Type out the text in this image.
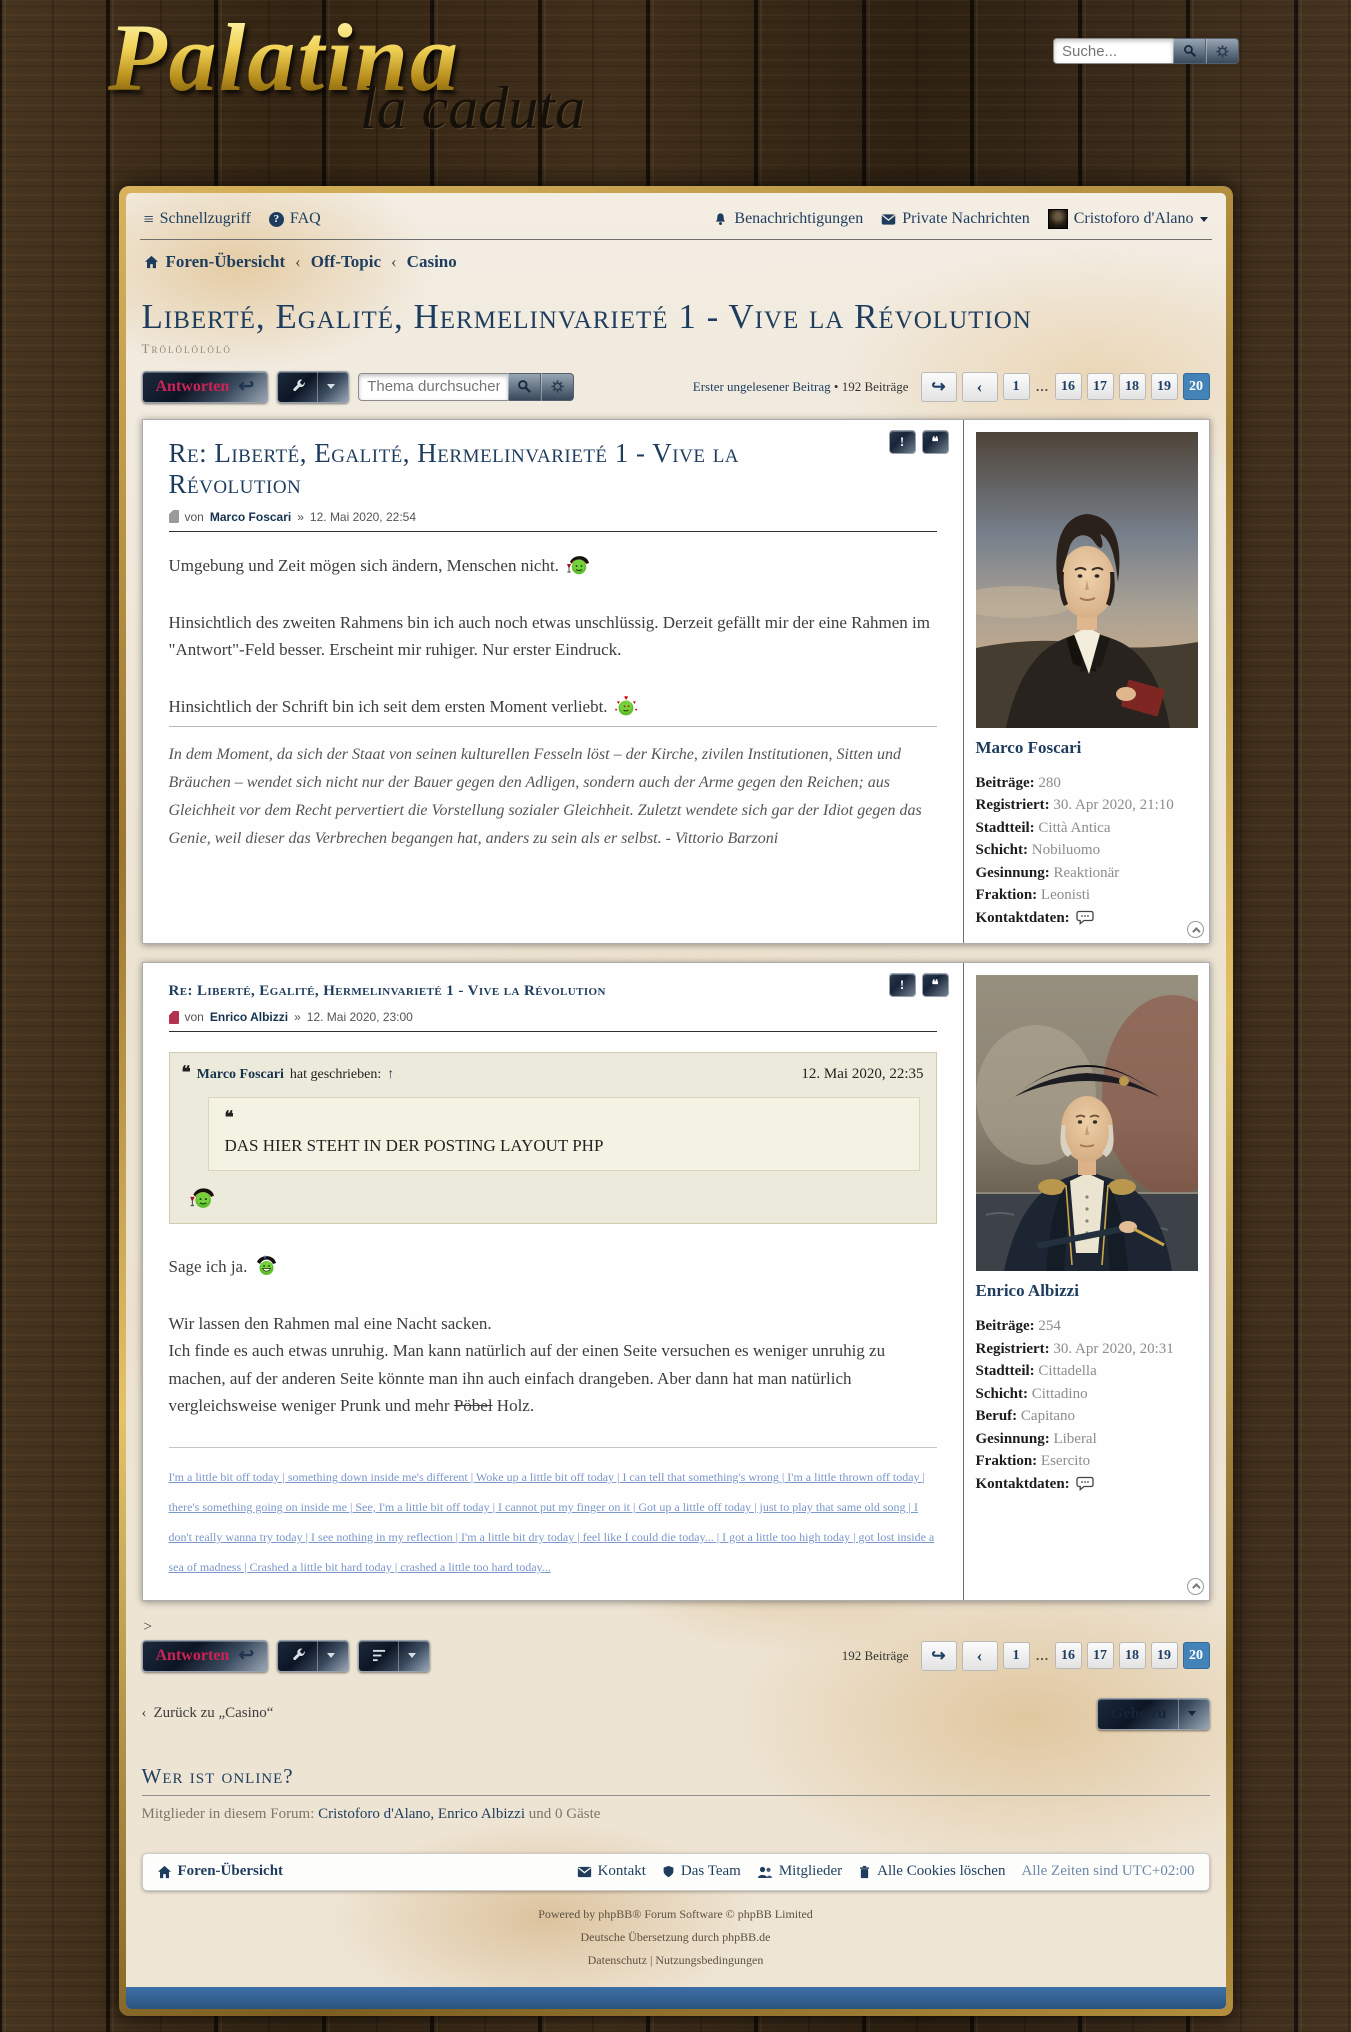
Palatina
la caduta
Suche...
≡ Schnellzugriff	? FAQ	Benachrichtigungen Private Nachrichten	Cristoforo d'Alano
Foren-Übersicht ‹ Off-Topic ‹ Casino
Liberté, Egalité, Hermelinvarieté 1 - Vive la Révolution
Trölölölölö
Antworten ↩
Thema durchsuchen...	Erster ungelesener Beitrag • 192 Beiträge	↪	‹	1	… 16	17	18	19	20
!	❝
Re: Liberté, Egalité, Hermelinvarieté 1 - Vive la Révolution
von Marco Foscari » 12. Mai 2020, 22:54

Umgebung und Zeit mögen sich ändern, Menschen nicht.

Hinsichtlich des zweiten Rahmens bin ich auch noch etwas unschlüssig. Derzeit gefällt mir der eine Rahmen im "Antwort"-Feld besser. Erscheint mir ruhiger. Nur erster Eindruck.

Hinsichtlich der Schrift bin ich seit dem ersten Moment verliebt. ♥
♥	♥
♥	♥

In dem Moment, da sich der Staat von seinen kulturellen Fesseln löst – der Kirche, zivilen Institutionen, Sitten und Bräuchen – wendet sich nicht nur der Bauer gegen den Adligen, sondern auch der Arme gegen den Reichen; aus Gleichheit vor dem Recht pervertiert die Vorstellung sozialer Gleichheit. Zuletzt wendete sich gar der Idiot gegen das Genie, weil dieser das Verbrechen begangen hat, anders zu sein als er selbst. - Vittorio Barzoni
Marco Foscari
Beiträge: 280
Registriert: 30. Apr 2020, 21:10
Stadtteil: Città Antica
Schicht: Nobiluomo
Gesinnung: Reaktionär
Fraktion: Leonisti
Kontaktdaten:
!	❝
Re: Liberté, Egalité, Hermelinvarieté 1 - Vive la Révolution
von Enrico Albizzi » 12. Mai 2020, 23:00
❝ Marco Foscari hat geschrieben: ↑	12. Mai 2020, 22:35
❝
DAS HIER STEHT IN DER POSTING LAYOUT PHP

Sage ich ja.

Wir lassen den Rahmen mal eine Nacht sacken.
Ich finde es auch etwas unruhig. Man kann natürlich auf der einen Seite versuchen es weniger unruhig zu machen, auf der anderen Seite könnte man ihn auch einfach drangeben. Aber dann hat man natürlich vergleichsweise weniger Prunk und mehr Pöbel Holz.

I'm a little bit off today | something down inside me's different | Woke up a little bit off today | I can tell that something's wrong | I'm a little thrown off today | there's something going on inside me | See, I'm a little bit off today | I cannot put my finger on it | Got up a little off today | just to play that same old song | I don't really wanna try today | I see nothing in my reflection | I'm a little bit dry today | feel like I could die today... | I got a little too high today | got lost inside a sea of madness | Crashed a little bit hard today | crashed a little too hard today...
Enrico Albizzi
Beiträge: 254
Registriert: 30. Apr 2020, 20:31
Stadtteil: Cittadella
Schicht: Cittadino
Beruf: Capitano
Gesinnung: Liberal
Fraktion: Esercito
Kontaktdaten:
>
Antworten ↩	192 Beiträge	↪	‹	1	… 16	17	18	19	20
‹ Zurück zu „Casino“	Gehe zu
Wer ist online?

Mitglieder in diesem Forum: Cristoforo d'Alano, Enrico Albizzi und 0 Gäste

Foren-Übersicht	Kontakt Das Team	Mitglieder Alle Cookies löschen Alle Zeiten sind UTC+02:00
Powered by phpBB® Forum Software © phpBB Limited
Deutsche Übersetzung durch phpBB.de
Datenschutz | Nutzungsbedingungen
